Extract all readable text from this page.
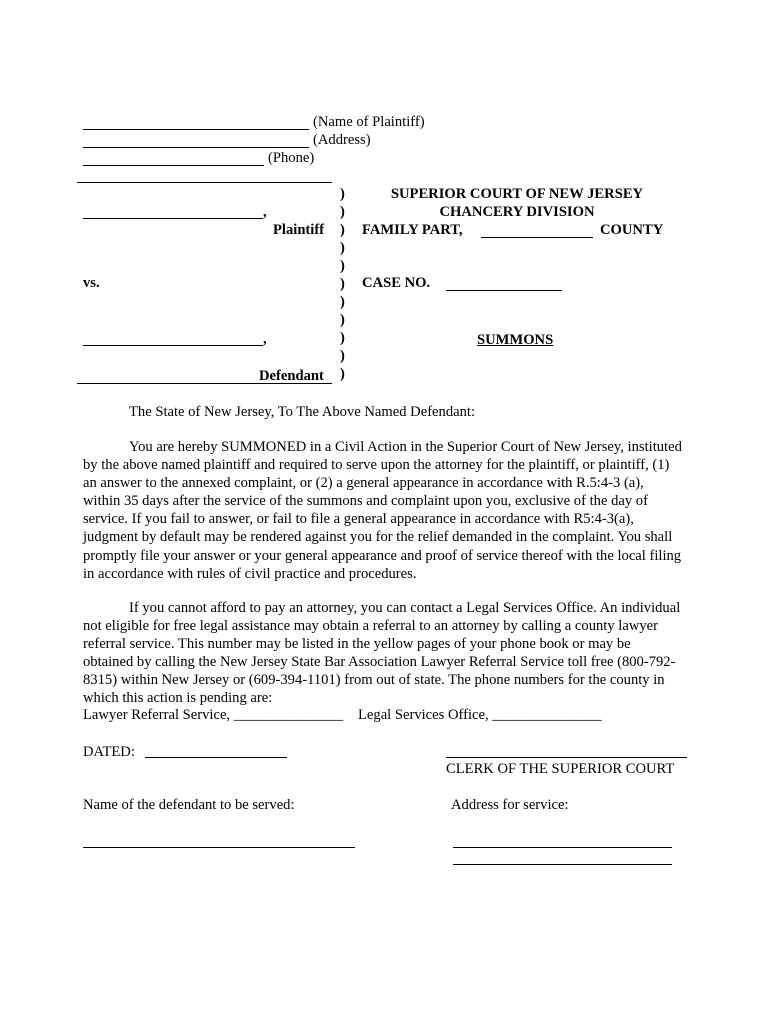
(Name of Plaintiff)
(Address)
(Phone)
,
Plaintiff
vs.
,
Defendant
)
)
)
)
)
)
)
)
)
)
)
SUPERIOR COURT OF NEW JERSEY
CHANCERY DIVISION
FAMILY PART,	COUNTY
CASE NO.
SUMMONS
The State of New Jersey, To The Above Named Defendant:
You are hereby SUMMONED in a Civil Action in the Superior Court of New Jersey, instituted by the above named plaintiff and required to serve upon the attorney for the plaintiff, or plaintiff, (1) an answer to the annexed complaint, or (2) a general appearance in accordance with R.5:4-3 (a), within 35 days after the service of the summons and complaint upon you, exclusive of the day of service. If you fail to answer, or fail to file a general appearance in accordance with R5:4-3(a), judgment by default may be rendered against you for the relief demanded in the complaint. You shall promptly file your answer or your general appearance and proof of service thereof with the local filing in accordance with rules of civil practice and procedures.
If you cannot afford to pay an attorney, you can contact a Legal Services Office. An individual not eligible for free legal assistance may obtain a referral to an attorney by calling a county lawyer referral service. This number may be listed in the yellow pages of your phone book or may be obtained by calling the New Jersey State Bar Association Lawyer Referral Service toll free (800-792-8315) within New Jersey or (609-394-1101) from out of state. The phone numbers for the county in which this action is pending are:
Lawyer Referral Service, _______________ Legal Services Office, _______________
DATED:
CLERK OF THE SUPERIOR COURT
Name of the defendant to be served:	Address for service:
